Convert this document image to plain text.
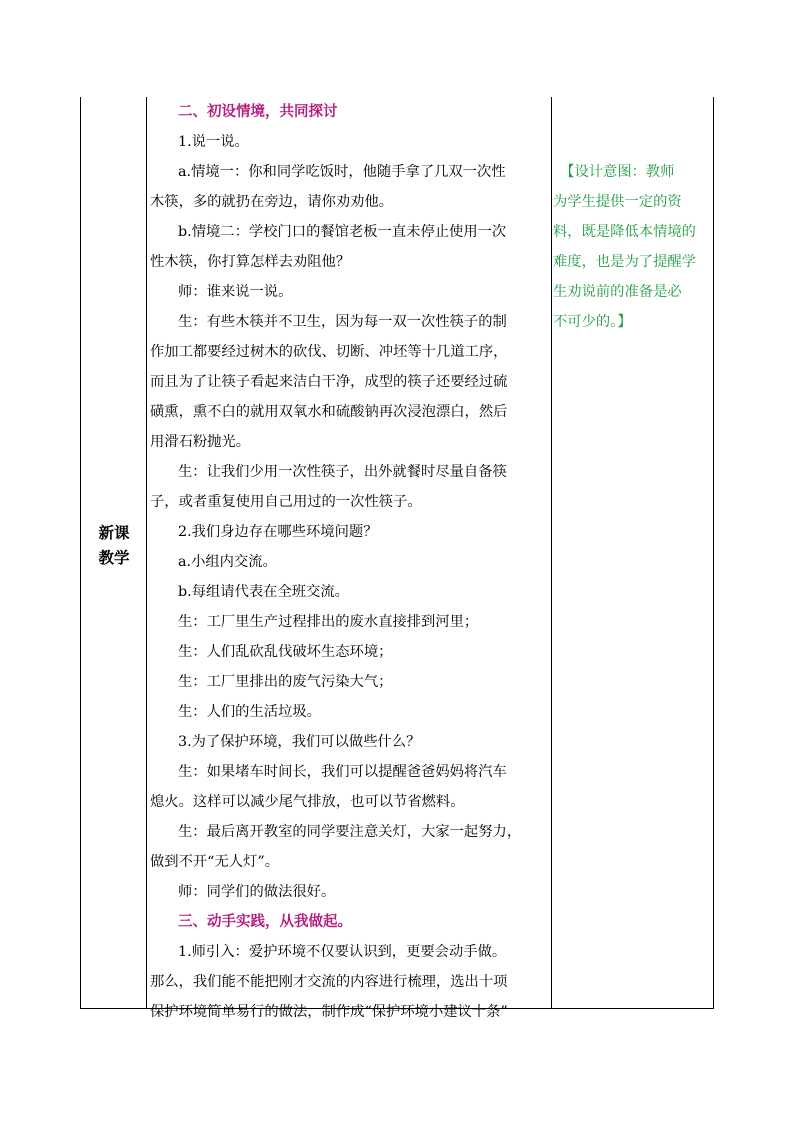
新课
教学
二、初设情境，共同探讨
1.说一说。
a.情境一：你和同学吃饭时，他随手拿了几双一次性
木筷，多的就扔在旁边，请你劝劝他。
b.情境二：学校门口的餐馆老板一直未停止使用一次
性木筷，你打算怎样去劝阻他？
师：谁来说一说。
生：有些木筷并不卫生，因为每一双一次性筷子的制
作加工都要经过树木的砍伐、切断、冲坯等十几道工序，
而且为了让筷子看起来洁白干净，成型的筷子还要经过硫
磺熏，熏不白的就用双氧水和硫酸钠再次浸泡漂白，然后
用滑石粉抛光。
生：让我们少用一次性筷子，出外就餐时尽量自备筷
子，或者重复使用自己用过的一次性筷子。
2.我们身边存在哪些环境问题？
a.小组内交流。
b.每组请代表在全班交流。
生：工厂里生产过程排出的废水直接排到河里；
生：人们乱砍乱伐破坏生态环境；
生：工厂里排出的废气污染大气；
生：人们的生活垃圾。
3.为了保护环境，我们可以做些什么？
生：如果堵车时间长，我们可以提醒爸爸妈妈将汽车
熄火。这样可以减少尾气排放，也可以节省燃料。
生：最后离开教室的同学要注意关灯，大家一起努力，
做到不开“无人灯”。
师：同学们的做法很好。
三、动手实践，从我做起。
1.师引入：爱护环境不仅要认识到，更要会动手做。
那么，我们能不能把刚才交流的内容进行梳理，选出十项
保护环境简单易行的做法，制作成“保护环境小建议十条”
　【设计意图：教师
为学生提供一定的资
料，既是降低本情境的
难度，也是为了提醒学
生劝说前的准备是必
不可少的。】
